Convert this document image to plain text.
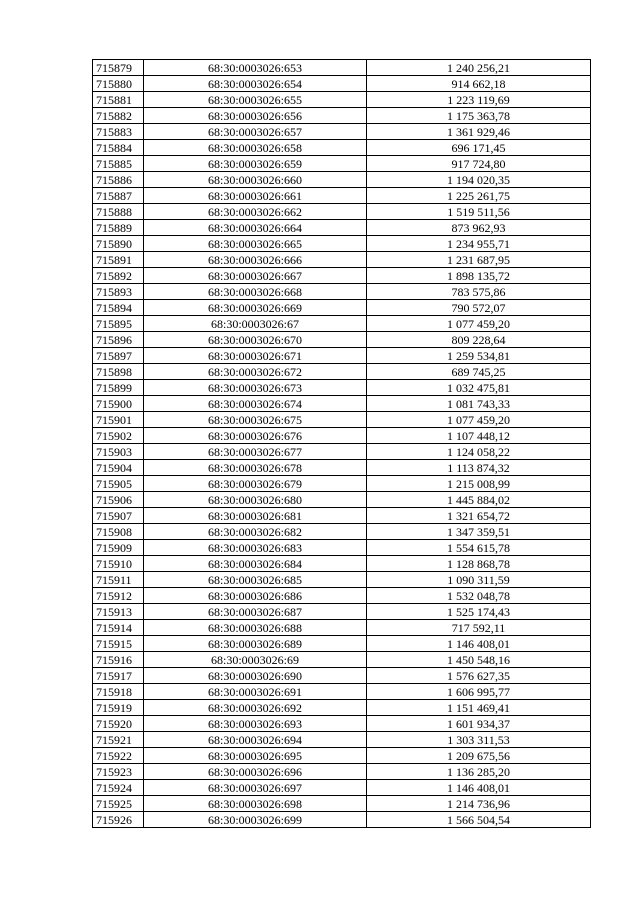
715879	68:30:0003026:653	1 240 256,21
715880	68:30:0003026:654	914 662,18
715881	68:30:0003026:655	1 223 119,69
715882	68:30:0003026:656	1 175 363,78
715883	68:30:0003026:657	1 361 929,46
715884	68:30:0003026:658	696 171,45
715885	68:30:0003026:659	917 724,80
715886	68:30:0003026:660	1 194 020,35
715887	68:30:0003026:661	1 225 261,75
715888	68:30:0003026:662	1 519 511,56
715889	68:30:0003026:664	873 962,93
715890	68:30:0003026:665	1 234 955,71
715891	68:30:0003026:666	1 231 687,95
715892	68:30:0003026:667	1 898 135,72
715893	68:30:0003026:668	783 575,86
715894	68:30:0003026:669	790 572,07
715895	68:30:0003026:67	1 077 459,20
715896	68:30:0003026:670	809 228,64
715897	68:30:0003026:671	1 259 534,81
715898	68:30:0003026:672	689 745,25
715899	68:30:0003026:673	1 032 475,81
715900	68:30:0003026:674	1 081 743,33
715901	68:30:0003026:675	1 077 459,20
715902	68:30:0003026:676	1 107 448,12
715903	68:30:0003026:677	1 124 058,22
715904	68:30:0003026:678	1 113 874,32
715905	68:30:0003026:679	1 215 008,99
715906	68:30:0003026:680	1 445 884,02
715907	68:30:0003026:681	1 321 654,72
715908	68:30:0003026:682	1 347 359,51
715909	68:30:0003026:683	1 554 615,78
715910	68:30:0003026:684	1 128 868,78
715911	68:30:0003026:685	1 090 311,59
715912	68:30:0003026:686	1 532 048,78
715913	68:30:0003026:687	1 525 174,43
715914	68:30:0003026:688	717 592,11
715915	68:30:0003026:689	1 146 408,01
715916	68:30:0003026:69	1 450 548,16
715917	68:30:0003026:690	1 576 627,35
715918	68:30:0003026:691	1 606 995,77
715919	68:30:0003026:692	1 151 469,41
715920	68:30:0003026:693	1 601 934,37
715921	68:30:0003026:694	1 303 311,53
715922	68:30:0003026:695	1 209 675,56
715923	68:30:0003026:696	1 136 285,20
715924	68:30:0003026:697	1 146 408,01
715925	68:30:0003026:698	1 214 736,96
715926	68:30:0003026:699	1 566 504,54
